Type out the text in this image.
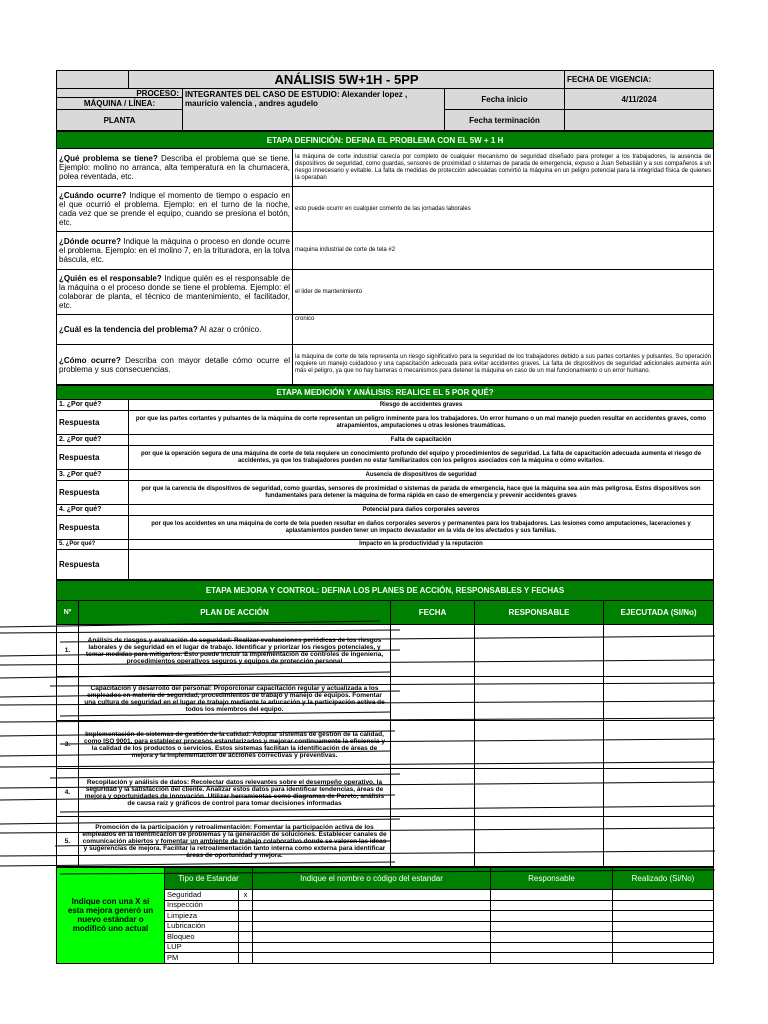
	ANÁLISIS 5W+1H - 5PP			FECHA DE VIGENCIA:

PROCESO:
MÁQUINA / LÍNEA:		INTEGRANTES DEL CASO DE ESTUDIO: Alexander lopez , mauricio valencia , andres agudelo	Fecha inicio	4/11/2024
PLANTA			Fecha terminación	
ETAPA DEFINICIÓN: DEFINA EL PROBLEMA CON EL 5W + 1 H	
¿Qué problema se tiene? Describa el problema que se tiene. Ejemplo: molino no arranca, alta temperatura en la chumacera, polea reventada, etc.	la máquina de corte industrial carecía por completo de cualquier mecanismo de seguridad diseñado para proteger a los trabajadores, la ausencia de dispositivos de seguridad, como guardas, sensores de proximidad o sistemas de parada de emergencia, expuso a Juan Sebastián y a sus compañeros a un riesgo innecesario y evitable. La falta de medidas de protección adecuadas convirtió la máquina en un peligro potencial para la integridad física de quienes la operaban
¿Cuándo ocurre? Indique el momento de tiempo o espacio en el que ocurrió el problema. Ejemplo: en el turno de la noche, cada vez que se prende el equipo, cuando se presiona el botón, etc.	esto puede ocurrir en cualquier comento de las jornadas laborales
¿Dónde ocurre? Indique la máquina o proceso en donde ocurre el problema. Ejemplo: en el molino 7, en la trituradora, en la tolva báscula, etc.	maquina industrial de corte de tela #2
¿Quién es el responsable? Indique quién es el responsable de la máquina o el proceso donde se tiene el problema. Ejemplo: el colaborar de planta, el técnico de mantenimiento, el facilitador, etc.	el lider de mantenimiento
¿Cuál es la tendencia del problema? Al azar o crónico.	cronico
¿Cómo ocurre? Describa con mayor detalle cómo ocurre el problema y sus consecuencias.	la máquina de corte de tela representa un riesgo significativo para la seguridad de los trabajadores debido a sus partes cortantes y pulsantes. Su operación requiere un manejo cuidadoso y una capacitación adecuada para evitar accidentes graves. La falta de dispositivos de seguridad adicionales aumenta aún más el peligro, ya que no hay barreras o mecanismos para detener la máquina en caso de un mal funcionamiento o un error humano.
ETAPA MEDICIÓN Y ANÁLISIS: REALICE EL 5 POR QUÉ?	
1. ¿Por qué?	Riesgo de accidentes graves
Respuesta	por que las partes cortantes y pulsantes de la máquina de corte representan un peligro inminente para los trabajadores. Un error humano o un mal manejo pueden resultar en accidentes graves, como atrapamientos, amputaciones u otras lesiones traumáticas.
2. ¿Por qué?	Falta de capacitación
Respuesta	por que la operación segura de una máquina de corte de tela requiere un conocimiento profundo del equipo y procedimientos de seguridad. La falta de capacitación adecuada aumenta el riesgo de accidentes, ya que los trabajadores pueden no estar familiarizados con los peligros asociados con la máquina o cómo evitarlos.
3. ¿Por qué?	Ausencia de dispositivos de seguridad
Respuesta	por que la carencia de dispositivos de seguridad, como guardas, sensores de proximidad o sistemas de parada de emergencia, hace que la máquina sea aún más peligrosa. Estos dispositivos son fundamentales para detener la máquina de forma rápida en caso de emergencia y prevenir accidentes graves
4. ¿Por qué?	Potencial para daños corporales severos
Respuesta	por que los accidentes en una máquina de corte de tela pueden resultar en daños corporales severos y permanentes para los trabajadores. Las lesiones como amputaciones, laceraciones y aplastamientos pueden tener un impacto devastador en la vida de los afectados y sus familias.
5. ¿Por qué?	Impacto en la productividad y la reputación
Respuesta	
ETAPA MEJORA Y CONTROL: DEFINA LOS PLANES DE ACCIÓN, RESPONSABLES Y FECHAS				
Nº	PLAN DE ACCIÓN	FECHA	RESPONSABLE	EJECUTADA (SI/No)
1.	Análisis de riesgos y evaluación de seguridad: Realizar evaluaciones periódicas de los riesgos laborales y de seguridad en el lugar de trabajo. Identificar y priorizar los riesgos potenciales, y tomar medidas para mitigarlos. Esto puede incluir la implementación de controles de ingeniería, procedimientos operativos seguros y equipos de protección personal			
	Capacitación y desarrollo del personal: Proporcionar capacitación regular y actualizada a los empleados en materia de seguridad, procedimientos de trabajo y manejo de equipos. Fomentar una cultura de seguridad en el lugar de trabajo mediante la educación y la participación activa de todos los miembros del equipo.			
3.	Implementación de sistemas de gestión de la calidad: Adoptar sistemas de gestión de la calidad, como ISO 9001, para establecer procesos estandarizados y mejorar continuamente la eficiencia y la calidad de los productos o servicios. Estos sistemas facilitan la identificación de áreas de mejora y la implementación de acciones correctivas y preventivas.			
4.	Recopilación y análisis de datos: Recolectar datos relevantes sobre el desempeño operativo, la seguridad y la satisfacción del cliente. Analizar estos datos para identificar tendencias, áreas de mejora y oportunidades de innovación. Utilizar herramientas como diagramas de Pareto, análisis de causa raíz y gráficos de control para tomar decisiones informadas			
5.	Promoción de la participación y retroalimentación: Fomentar la participación activa de los empleados en la identificación de problemas y la generación de soluciones. Establecer canales de comunicación abiertos y fomentar un ambiente de trabajo colaborativo donde se valoren las ideas y sugerencias de mejora. Facilitar la retroalimentación tanto interna como externa para identificar áreas de oportunidad y mejora.			
Indique con una X si esta mejora generó un nuevo estándar o modificó uno actual	Tipo de Estandar		Indique el nombre o código del estandar	Responsable	Realizado (Si/No)
	Seguridad	x			
	Inspección				
	Limpieza				
	Lubricación				
	Bloqueo				
	LUP				
	PM				
